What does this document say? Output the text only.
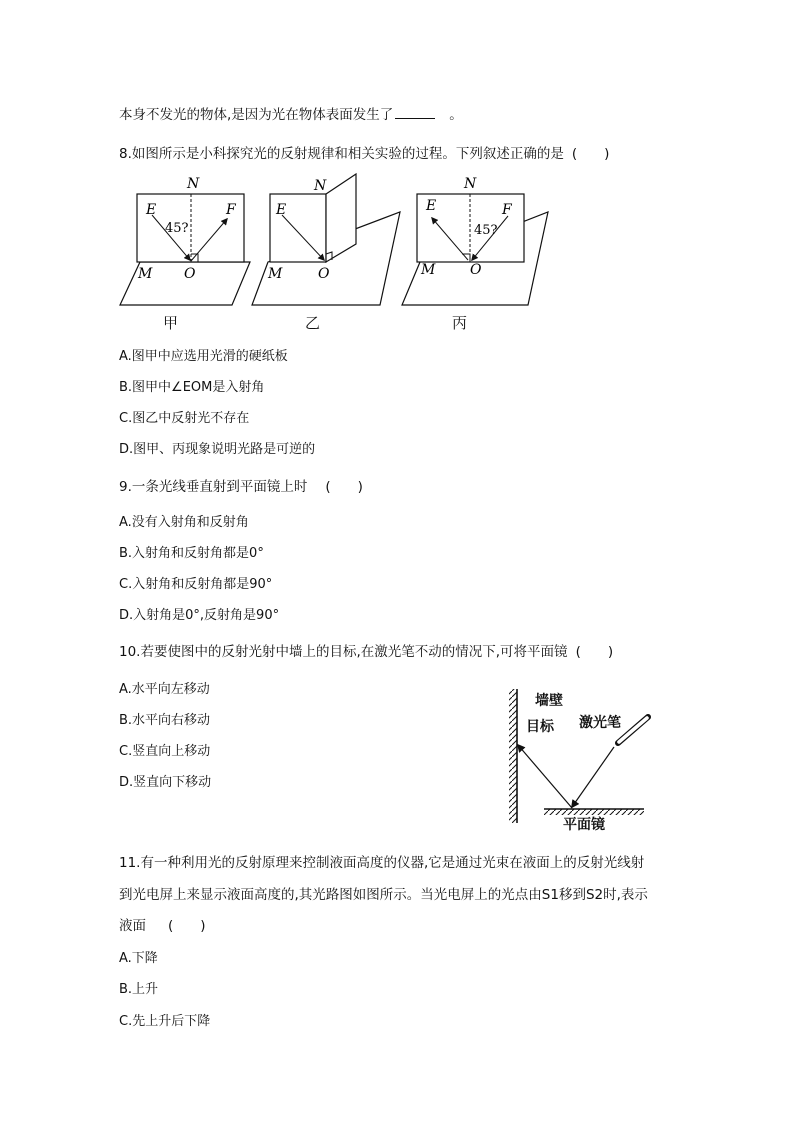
本身不发光的物体,是因为光在物体表面发生了	。
8.如图所示是小科探究光的反射规律和相关实验的过程。下列叙述正确的是 (　　)
N
E	F
45?
M O
N
E
M	O
N
E	F
45?
M O
甲	乙	丙
A.图甲中应选用光滑的硬纸板
B.图甲中∠EOM是入射角
C.图乙中反射光不存在
D.图甲、丙现象说明光路是可逆的
9.一条光线垂直射到平面镜上时 (　　)
A.没有入射角和反射角
B.入射角和反射角都是0°
C.入射角和反射角都是90°
D.入射角是0°,反射角是90°
10.若要使图中的反射光射中墙上的目标,在激光笔不动的情况下,可将平面镜 (　　)
A.水平向左移动
B.水平向右移动
C.竖直向上移动
D.竖直向下移动
墙壁
目标 激光笔
平面镜
11.有一种利用光的反射原理来控制液面高度的仪器,它是通过光束在液面上的反射光线射
到光电屏上来显示液面高度的,其光路图如图所示。当光电屏上的光点由S1移到S2时,表示
液面 (　　)
A.下降
B.上升
C.先上升后下降
